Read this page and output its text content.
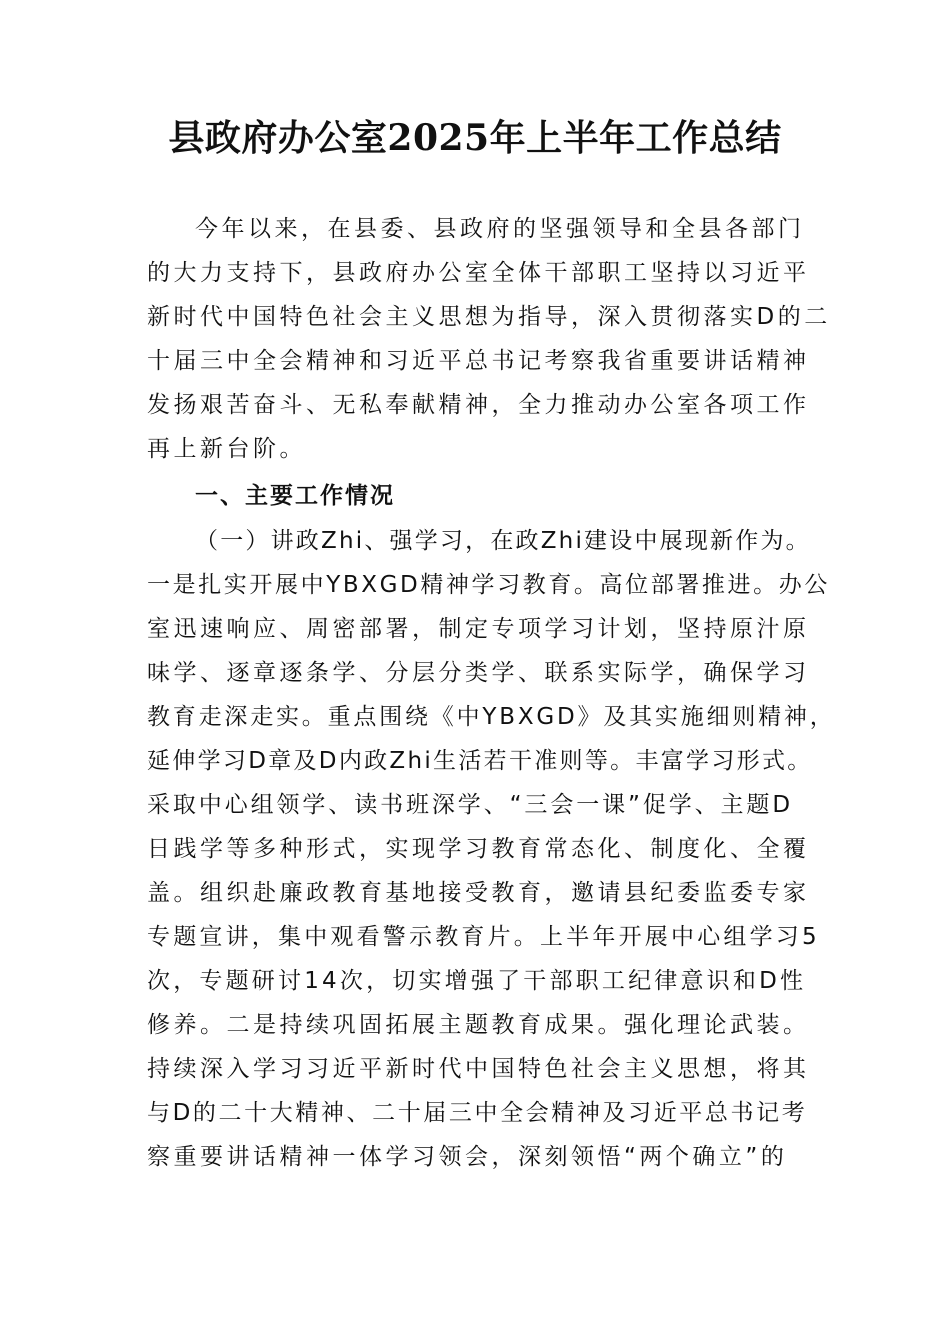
县政府办公室2025年上半年工作总结
今年以来，在县委、县政府的坚强领导和全县各部门
的大力支持下，县政府办公室全体干部职工坚持以习近平
新时代中国特色社会主义思想为指导，深入贯彻落实D的二
十届三中全会精神和习近平总书记考察我省重要讲话精神
发扬艰苦奋斗、无私奉献精神，全力推动办公室各项工作
再上新台阶。
一、主要工作情况
（一）讲政Zhi、强学习，在政Zhi建设中展现新作为。
一是扎实开展中YBXGD精神学习教育。高位部署推进。办公
室迅速响应、周密部署，制定专项学习计划，坚持原汁原
味学、逐章逐条学、分层分类学、联系实际学，确保学习
教育走深走实。重点围绕《中YBXGD》及其实施细则精神，
延伸学习D章及D内政Zhi生活若干准则等。丰富学习形式。
采取中心组领学、读书班深学、“三会一课”促学、主题D
日践学等多种形式，实现学习教育常态化、制度化、全覆
盖。组织赴廉政教育基地接受教育，邀请县纪委监委专家
专题宣讲，集中观看警示教育片。上半年开展中心组学习5
次，专题研讨14次，切实增强了干部职工纪律意识和D性
修养。二是持续巩固拓展主题教育成果。强化理论武装。
持续深入学习习近平新时代中国特色社会主义思想，将其
与D的二十大精神、二十届三中全会精神及习近平总书记考
察重要讲话精神一体学习领会，深刻领悟“两个确立”的
